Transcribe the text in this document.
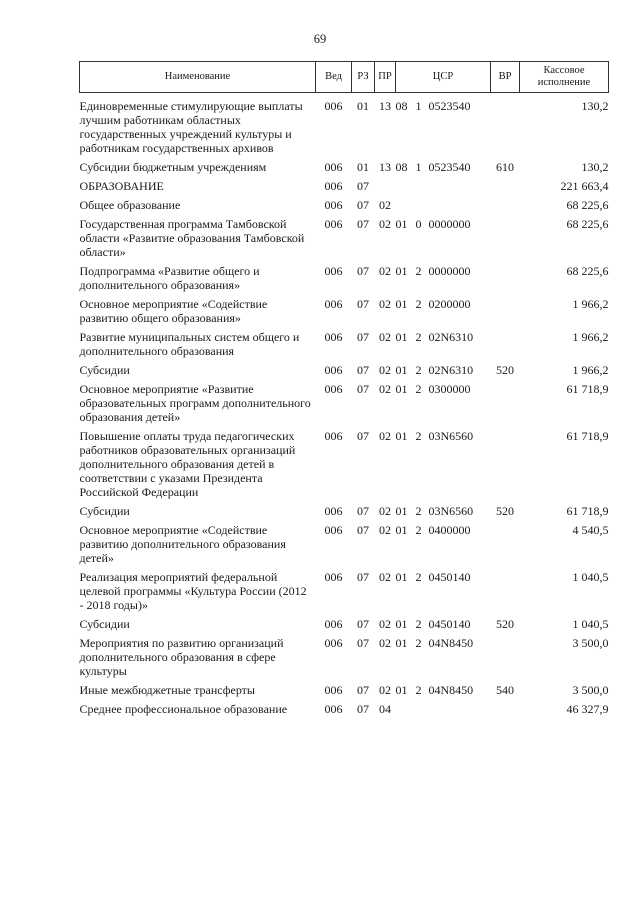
69
Наименование	Вед	РЗ	ПР	ЦСР	ВР	Кассовое исполнение
Единовременные стимулирующие выплаты лучшим работникам областных государственных учреждений культуры и работникам государственных архивов	006	01	13	08 1 0523540		130,2
Субсидии бюджетным учреждениям	006	01	13	08 1 0523540	610	130,2
ОБРАЗОВАНИЕ	006	07				221 663,4
Общее образование	006	07	02			68 225,6
Государственная программа Тамбовской области «Развитие образования Тамбовской области»	006	07	02	01 0 0000000		68 225,6
Подпрограмма «Развитие общего и дополнительного образования»	006	07	02	01 2 0000000		68 225,6
Основное мероприятие «Содействие развитию общего образования»	006	07	02	01 2 0200000		1 966,2
Развитие муниципальных систем общего и дополнительного образования	006	07	02	01 2 02N6310		1 966,2
Субсидии	006	07	02	01 2 02N6310	520	1 966,2
Основное мероприятие «Развитие образовательных программ дополнительного образования детей»	006	07	02	01 2 0300000		61 718,9
Повышение оплаты труда педагогических работников образовательных организаций дополнительного образования детей в соответствии с указами Президента Российской Федерации	006	07	02	01 2 03N6560		61 718,9
Субсидии	006	07	02	01 2 03N6560	520	61 718,9
Основное мероприятие «Содействие развитию дополнительного образования детей»	006	07	02	01 2 0400000		4 540,5
Реализация мероприятий федеральной целевой программы «Культура России (2012 - 2018 годы)»	006	07	02	01 2 0450140		1 040,5
Субсидии	006	07	02	01 2 0450140	520	1 040,5
Мероприятия по развитию организаций дополнительного образования в сфере культуры	006	07	02	01 2 04N8450		3 500,0
Иные межбюджетные трансферты	006	07	02	01 2 04N8450	540	3 500,0
Среднее профессиональное образование	006	07	04			46 327,9
